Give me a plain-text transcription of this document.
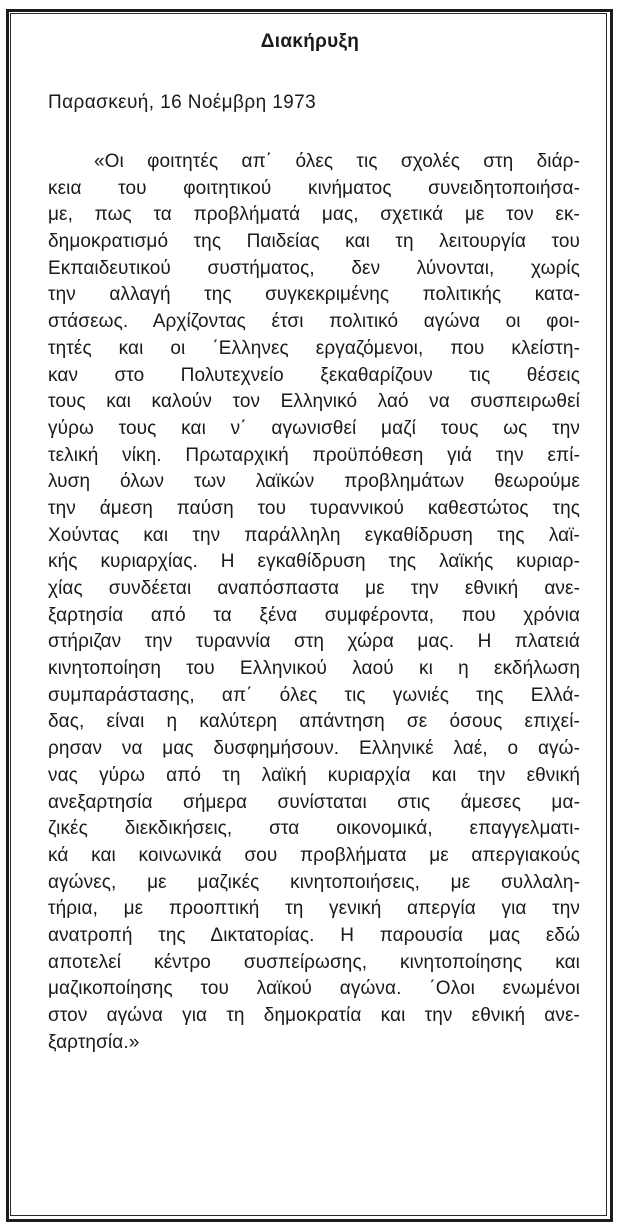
Διακήρυξη
Παρασκευή, 16 Νοέμβρη 1973
«Οι φοιτητές απ΄ όλες τις σχολές στη διάρ-
κεια του φοιτητικού κινήματος συνειδητοποιήσα-
με, πως τα προβλήματά μας, σχετικά με τον εκ-
δημοκρατισμό της Παιδείας και τη λειτουργία του
Εκπαιδευτικού συστήματος, δεν λύνονται, χωρίς
την αλλαγή της συγκεκριμένης πολιτικής κατα-
στάσεως. Αρχίζοντας έτσι πολιτικό αγώνα οι φοι-
τητές και οι ΄Ελληνες εργαζόμενοι, που κλείστη-
καν στο Πολυτεχνείο ξεκαθαρίζουν τις θέσεις
τους και καλούν τον Ελληνικό λαό να συσπειρωθεί
γύρω τους και ν΄ αγωνισθεί μαζί τους ως την
τελική νίκη. Πρωταρχική προϋπόθεση γιά την επί-
λυση όλων των λαϊκών προβλημάτων θεωρούμε
την άμεση παύση του τυραννικού καθεστώτος της
Χούντας και την παράλληλη εγκαθίδρυση της λαϊ-
κής κυριαρχίας. Η εγκαθίδρυση της λαϊκής κυριαρ-
χίας συνδέεται αναπόσπαστα με την εθνική ανε-
ξαρτησία από τα ξένα συμφέροντα, που χρόνια
στήριζαν την τυραννία στη χώρα μας. Η πλατειά
κινητοποίηση του Ελληνικού λαού κι η εκδήλωση
συμπαράστασης, απ΄ όλες τις γωνιές της Ελλά-
δας, είναι η καλύτερη απάντηση σε όσους επιχεί-
ρησαν να μας δυσφημήσουν. Ελληνικέ λαέ, ο αγώ-
νας γύρω από τη λαϊκή κυριαρχία και την εθνική
ανεξαρτησία σήμερα συνίσταται στις άμεσες μα-
ζικές διεκδικήσεις, στα οικονομικά, επαγγελματι-
κά και κοινωνικά σου προβλήματα με απεργιακούς
αγώνες, με μαζικές κινητοποιήσεις, με συλλαλη-
τήρια, με προοπτική τη γενική απεργία για την
ανατροπή της Δικτατορίας. Η παρουσία μας εδώ
αποτελεί κέντρο συσπείρωσης, κινητοποίησης και
μαζικοποίησης του λαϊκού αγώνα. ΄Ολοι ενωμένοι
στον αγώνα για τη δημοκρατία και την εθνική ανε-
ξαρτησία.»
